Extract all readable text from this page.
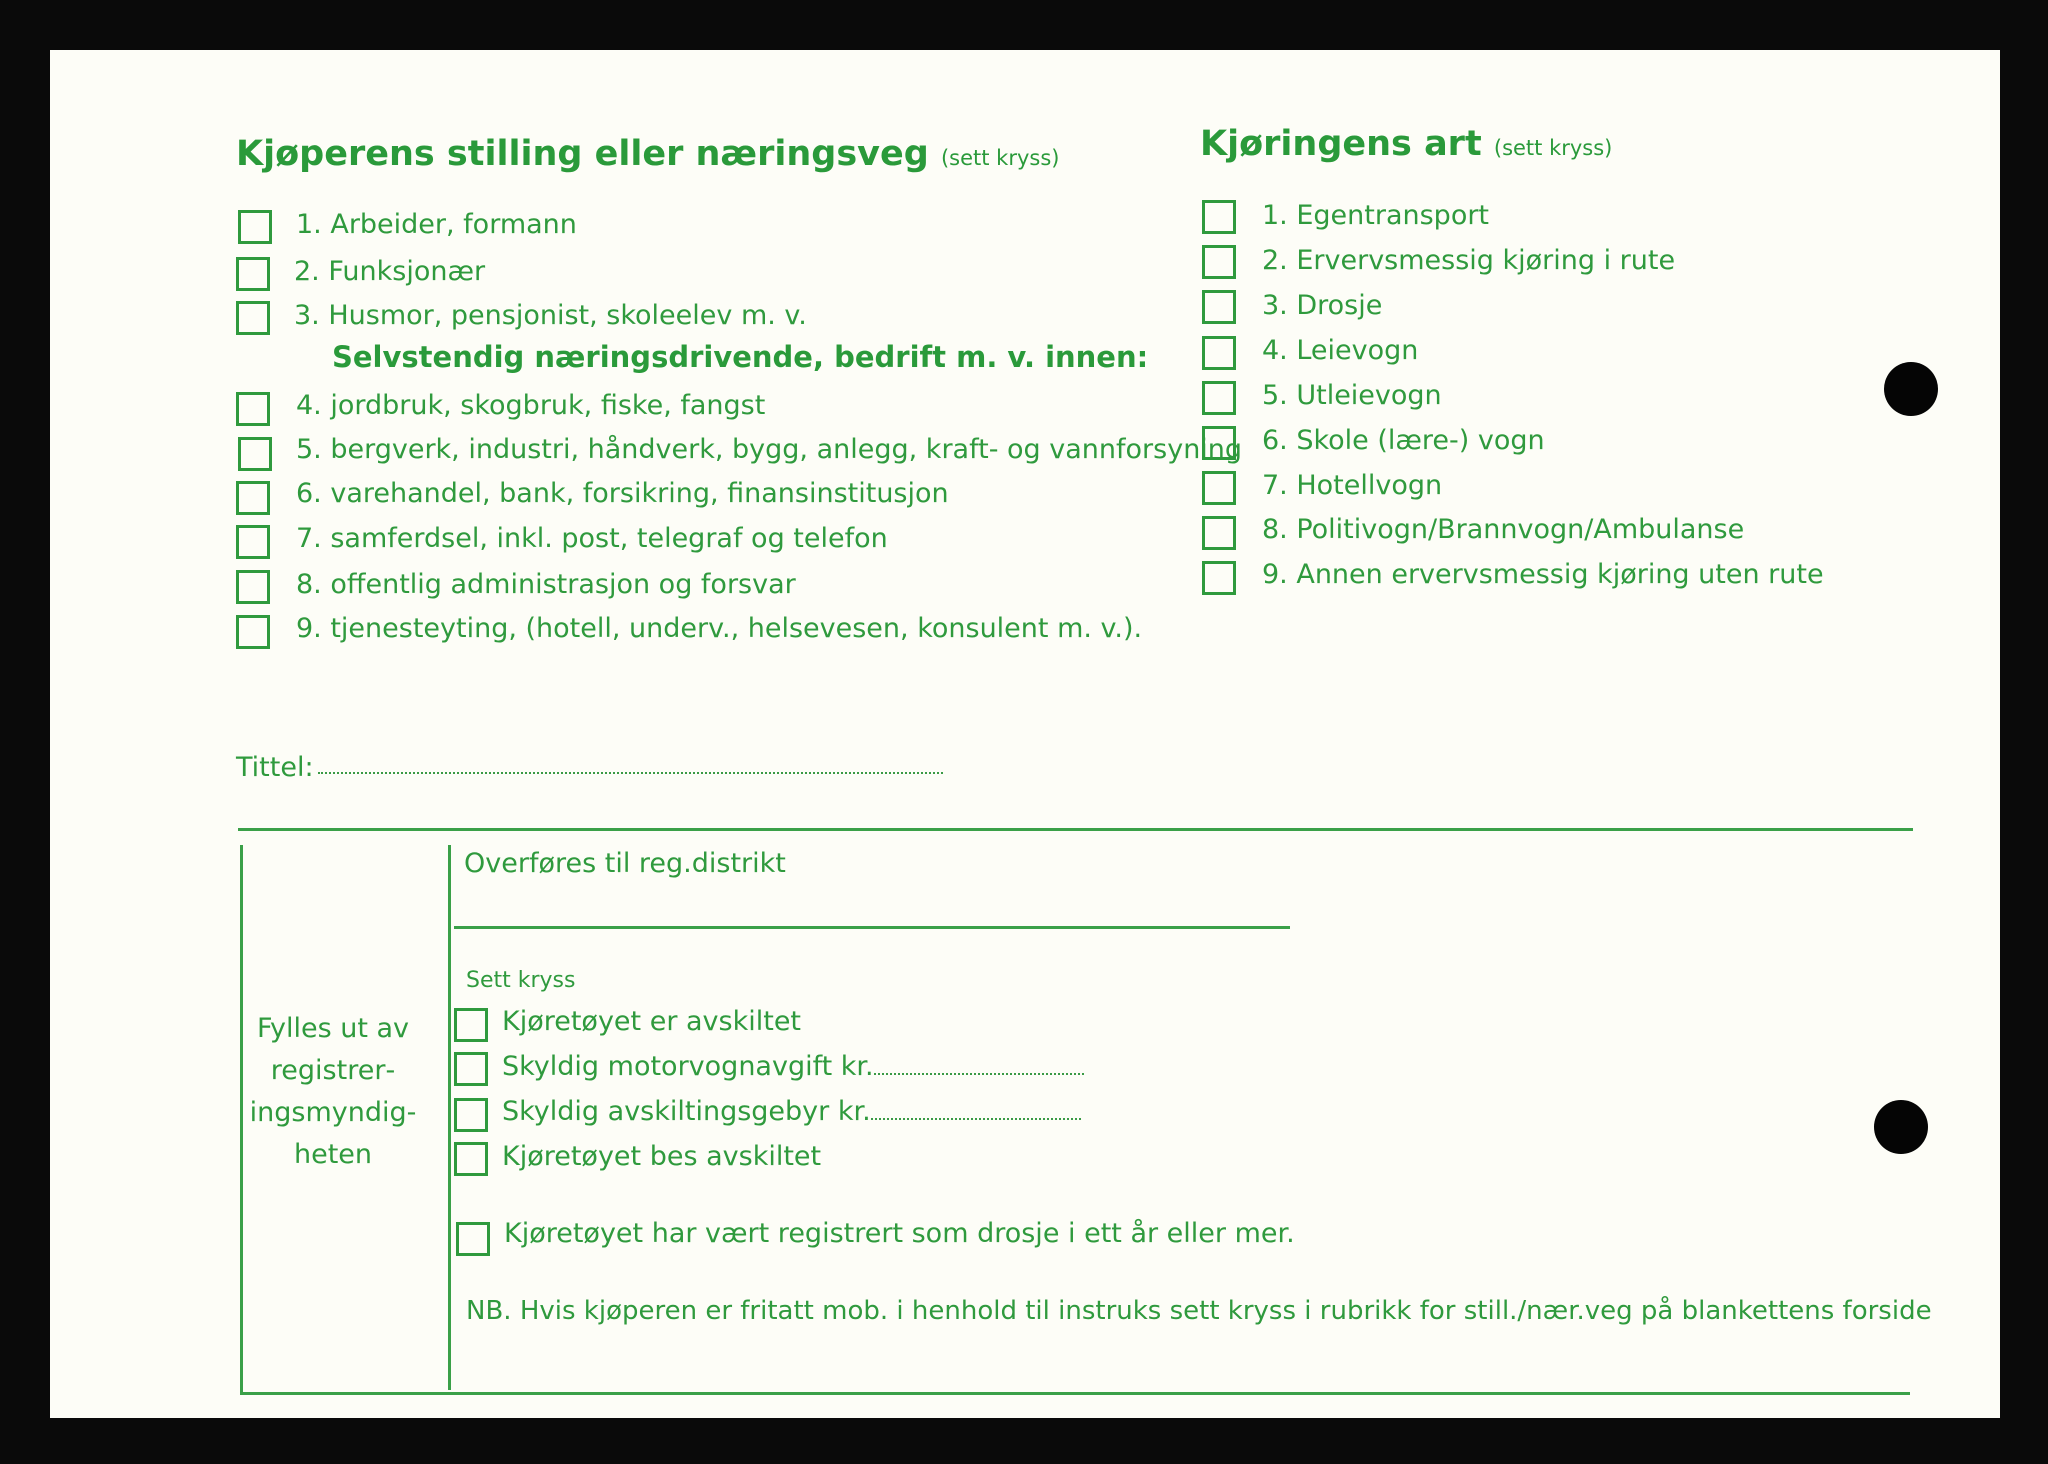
Kjøperens stilling eller næringsveg (sett kryss)
1. Arbeider, formann
2. Funksjonær
3. Husmor, pensjonist, skoleelev m. v.
Selvstendig næringsdrivende, bedrift m. v. innen:
4. jordbruk, skogbruk, fiske, fangst
5. bergverk, industri, håndverk, bygg, anlegg, kraft- og vannforsyning
6. varehandel, bank, forsikring, finansinstitusjon
7. samferdsel, inkl. post, telegraf og telefon
8. offentlig administrasjon og forsvar
9. tjenesteyting, (hotell, underv., helsevesen, konsulent m. v.).
Kjøringens art (sett kryss)
1. Egentransport
2. Ervervsmessig kjøring i rute
3. Drosje
4. Leievogn
5. Utleievogn
6. Skole (lære-) vogn
7. Hotellvogn
8. Politivogn/Brannvogn/Ambulanse
9. Annen ervervsmessig kjøring uten rute
Tittel:
Fylles ut av registreringsmyndigheten
Overføres til reg.distrikt
Sett kryss
Kjøretøyet er avskiltet
Skyldig motorvognavgift kr.
Skyldig avskiltingsgebyr kr.
Kjøretøyet bes avskiltet
Kjøretøyet har vært registrert som drosje i ett år eller mer.
NB. Hvis kjøperen er fritatt mob. i henhold til instruks sett kryss i rubrikk for still./nær.veg på blankettens forside
